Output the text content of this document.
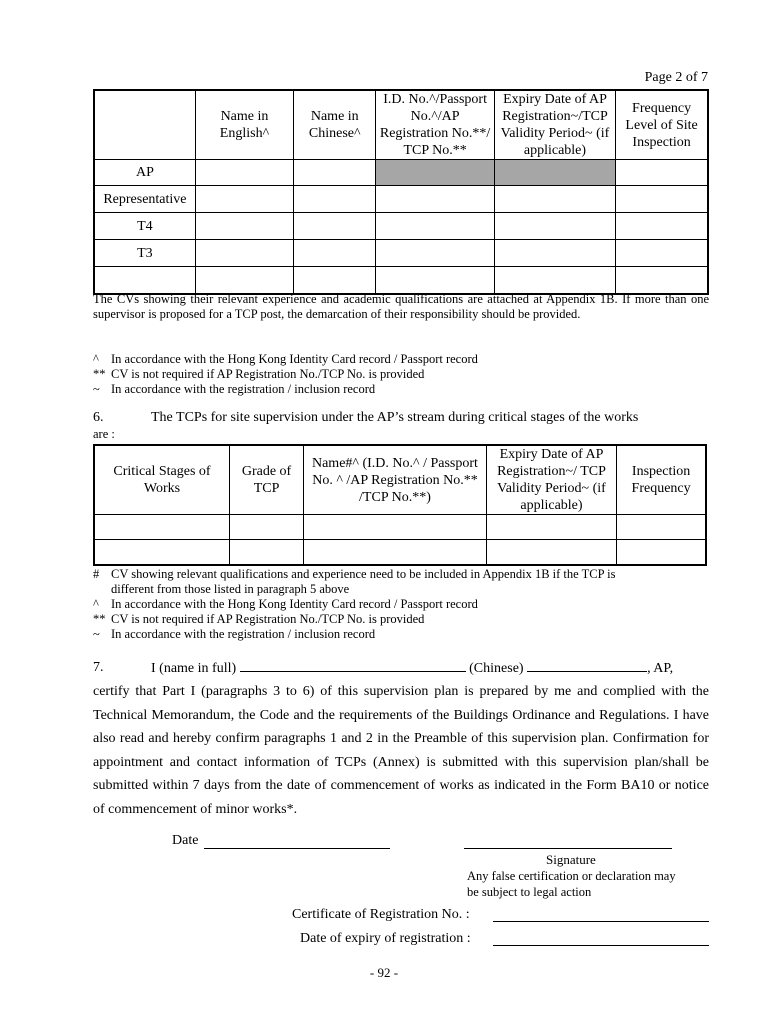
Page 2 of 7
	Name in English^	Name in Chinese^	I.D. No.^/Passport No.^/AP Registration No.**/ TCP No.**	Expiry Date of AP Registration~/TCP Validity Period~ (if applicable)	Frequency Level of Site Inspection
AP					
Representative					
T4					
T3					

The CVs showing their relevant experience and academic qualifications are attached at Appendix 1B. If more than one supervisor is proposed for a TCP post, the demarcation of their responsibility should be provided.
^ In accordance with the Hong Kong Identity Card record / Passport record
** CV is not required if AP Registration No./TCP No. is provided
~ In accordance with the registration / inclusion record
6.	The TCPs for site supervision under the AP’s stream during critical stages of the works
are :
Critical Stages of Works	Grade of TCP	Name#^ (I.D. No.^ / Passport No. ^ /AP Registration No.** /TCP No.**)	Expiry Date of AP Registration~/ TCP Validity Period~ (if applicable)	Inspection Frequency

# CV showing relevant qualifications and experience need to be included in Appendix 1B if the TCP is
different from those listed in paragraph 5 above
^ In accordance with the Hong Kong Identity Card record / Passport record
** CV is not required if AP Registration No./TCP No. is provided
~ In accordance with the registration / inclusion record
7.	I (name in full)	(Chinese)	, AP,
certify that Part I (paragraphs 3 to 6) of this supervision plan is prepared by me and complied with the Technical Memorandum, the Code and the requirements of the Buildings Ordinance and Regulations. I have also read and hereby confirm paragraphs 1 and 2 in the Preamble of this supervision plan. Confirmation for appointment and contact information of TCPs (Annex) is submitted with this supervision plan/shall be submitted within 7 days from the date of commencement of works as indicated in the Form BA10 or notice of commencement of minor works*.
Date
Signature
Any false certification or declaration may
be subject to legal action
Certificate of Registration No. :
Date of expiry of registration :
- 92 -
